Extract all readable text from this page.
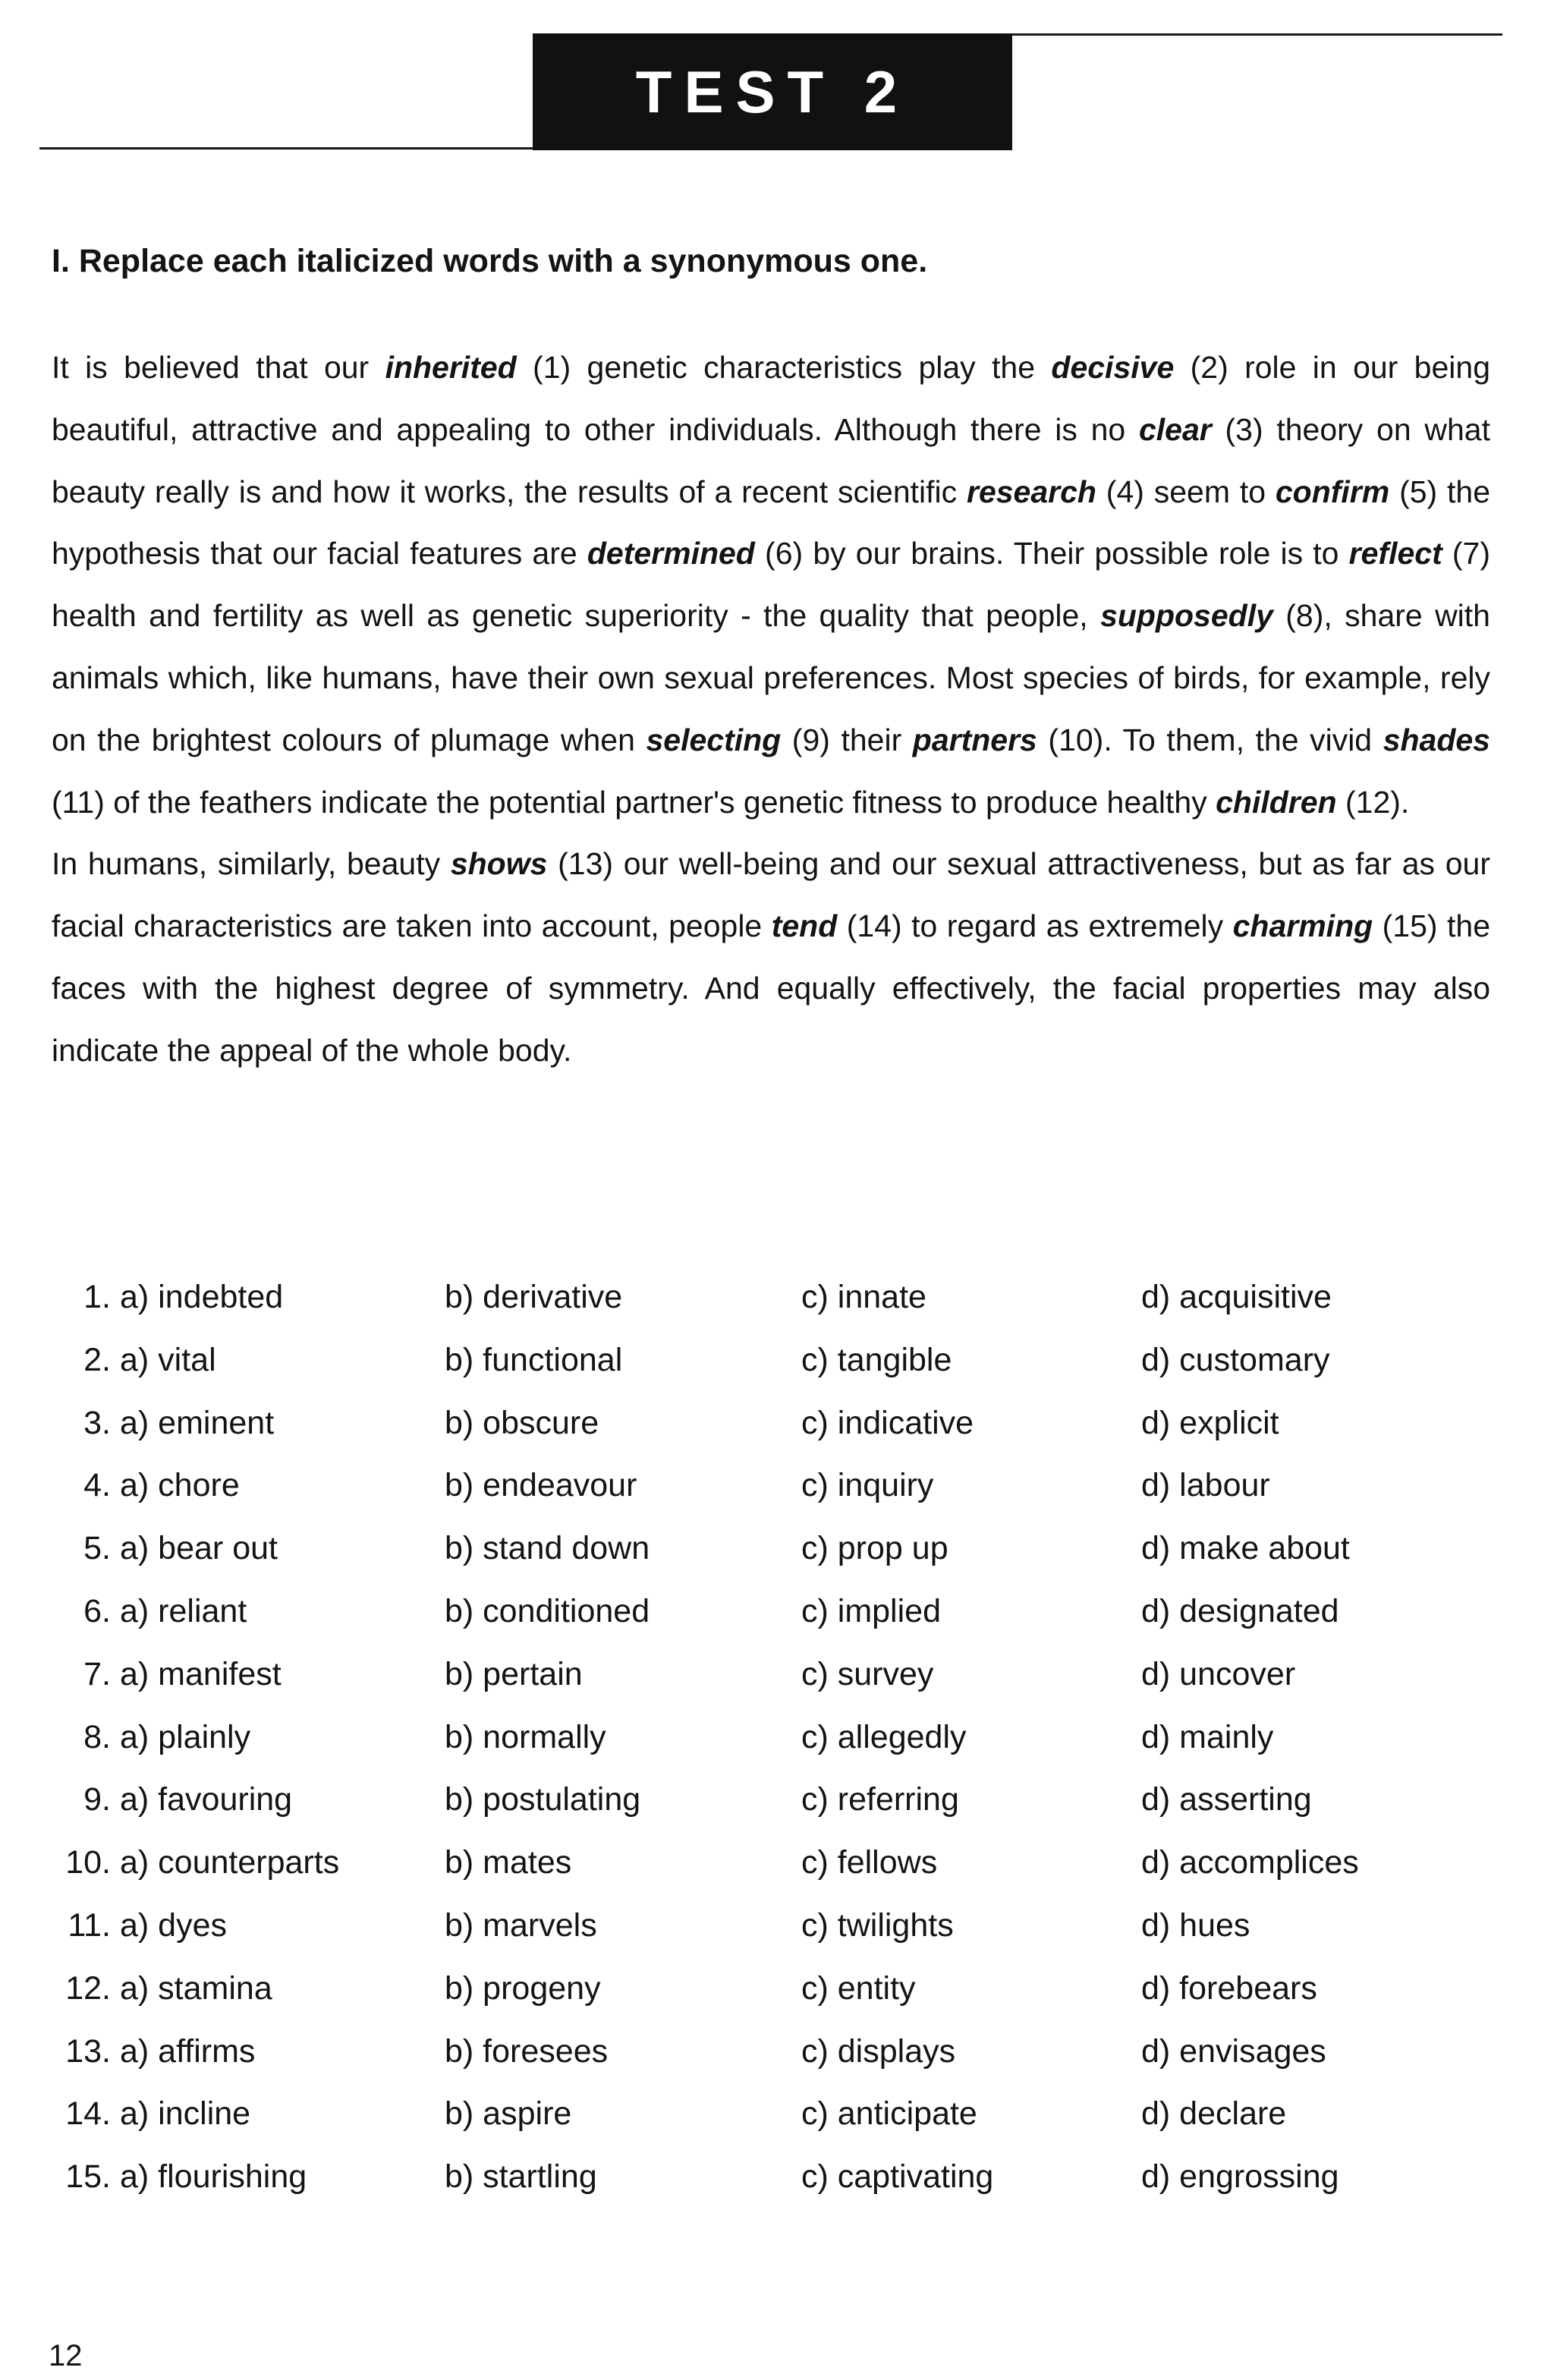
TEST 2
I. Replace each italicized words with a synonymous one.

It is believed that our inherited (1) genetic characteristics play the decisive (2) role in our being beautiful, attractive and appealing to other individuals. Although there is no clear (3) theory on what beauty really is and how it works, the results of a recent scientific research (4) seem to confirm (5) the hypothesis that our facial features are determined (6) by our brains. Their possible role is to reflect (7) health and fertility as well as genetic superiority - the quality that people, supposedly (8), share with animals which, like humans, have their own sexual preferences. Most species of birds, for example, rely on the brightest colours of plumage when selecting (9) their partners (10). To them, the vivid shades (11) of the feathers indicate the potential partner's genetic fitness to produce healthy children (12).

In humans, similarly, beauty shows (13) our well-being and our sexual attractiveness, but as far as our facial characteristics are taken into account, people tend (14) to regard as extremely charming (15) the faces with the highest degree of symmetry. And equally effectively, the facial properties may also indicate the appeal of the whole body.

1. a) indebted	b) derivative	c) innate	d) acquisitive
2. a) vital	b) functional	c) tangible	d) customary
3. a) eminent	b) obscure	c) indicative	d) explicit
4. a) chore	b) endeavour	c) inquiry	d) labour
5. a) bear out	b) stand down	c) prop up	d) make about
6. a) reliant	b) conditioned	c) implied	d) designated
7. a) manifest	b) pertain	c) survey	d) uncover
8. a) plainly	b) normally	c) allegedly	d) mainly
9. a) favouring	b) postulating	c) referring	d) asserting
10. a) counterparts	b) mates	c) fellows	d) accomplices
11. a) dyes	b) marvels	c) twilights	d) hues
12. a) stamina	b) progeny	c) entity	d) forebears
13. a) affirms	b) foresees	c) displays	d) envisages
14. a) incline	b) aspire	c) anticipate	d) declare
15. a) flourishing	b) startling	c) captivating	d) engrossing
12
